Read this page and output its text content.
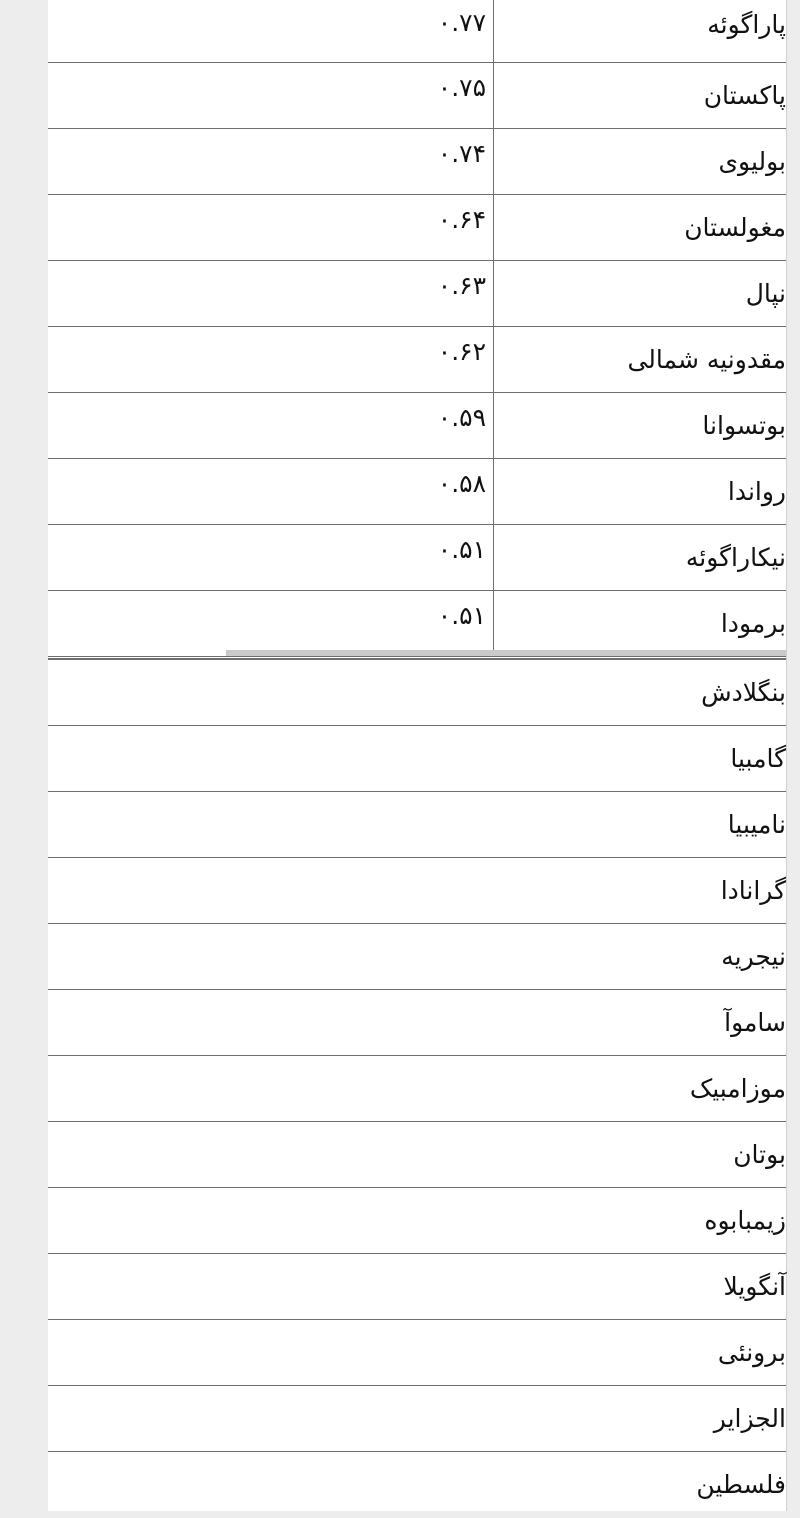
۰.۷۷	پاراگوئه
۰.۷۵	پاکستان
۰.۷۴	بولیوی
۰.۶۴	مغولستان
۰.۶۳	نپال
۰.۶۲	مقدونیه شمالی
۰.۵۹	بوتسوانا
۰.۵۸	رواندا
۰.۵۱	نیکاراگوئه
۰.۵۱	برمودا
بنگلادش
گامبیا
نامیبیا
گرانادا
نیجریه
ساموآ
موزامبیک
بوتان
زیمبابوه
آنگویلا
برونئی
الجزایر
فلسطین
